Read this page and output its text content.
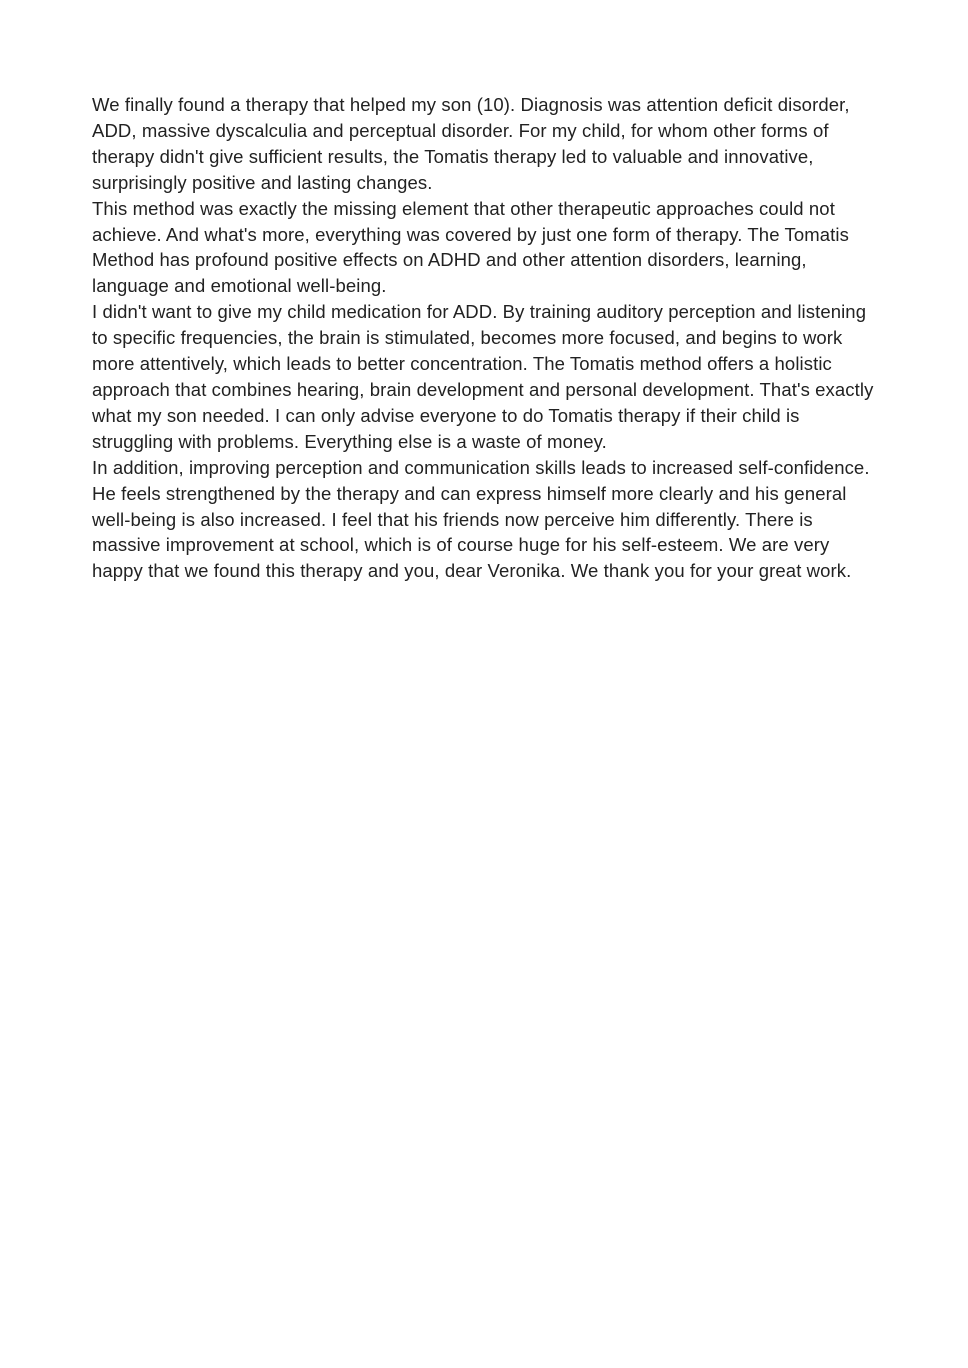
We finally found a therapy that helped my son (10). Diagnosis was attention deficit disorder, ADD, massive dyscalculia and perceptual disorder. For my child, for whom other forms of therapy didn't give sufficient results, the Tomatis therapy led to valuable and innovative, surprisingly positive and lasting changes.

This method was exactly the missing element that other therapeutic approaches could not achieve. And what's more, everything was covered by just one form of therapy. The Tomatis Method has profound positive effects on ADHD and other attention disorders, learning, language and emotional well-being.

I didn't want to give my child medication for ADD. By training auditory perception and listening to specific frequencies, the brain is stimulated, becomes more focused, and begins to work more attentively, which leads to better concentration. The Tomatis method offers a holistic approach that combines hearing, brain development and personal development. That's exactly what my son needed. I can only advise everyone to do Tomatis therapy if their child is struggling with problems. Everything else is a waste of money.

In addition, improving perception and communication skills leads to increased self-confidence. He feels strengthened by the therapy and can express himself more clearly and his general well-being is also increased. I feel that his friends now perceive him differently. There is massive improvement at school, which is of course huge for his self-esteem. We are very happy that we found this therapy and you, dear Veronika. We thank you for your great work.
